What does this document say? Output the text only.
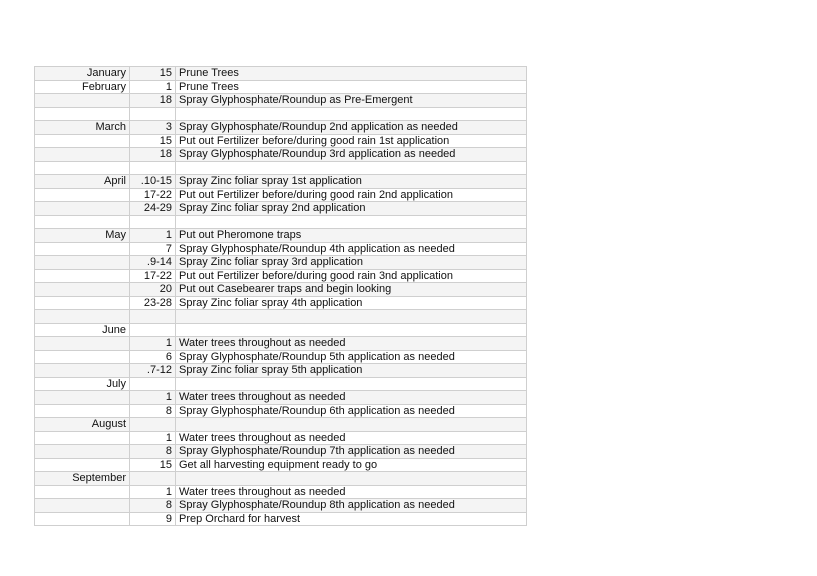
January	15	Prune Trees
February	1	Prune Trees
	18	Spray Glyphosphate/Roundup as Pre-Emergent

March	3	Spray Glyphosphate/Roundup 2nd application as needed
	15	Put out Fertilizer before/during good rain 1st application
	18	Spray Glyphosphate/Roundup 3rd application as needed

April	.10-15	Spray Zinc foliar spray 1st application
	17-22	Put out Fertilizer before/during good rain 2nd application
	24-29	Spray Zinc foliar spray 2nd application

May	1	Put out Pheromone traps
	7	Spray Glyphosphate/Roundup 4th application as needed
	.9-14	Spray Zinc foliar spray 3rd application
	17-22	Put out Fertilizer before/during good rain 3nd application
	20	Put out Casebearer traps and begin looking
	23-28	Spray Zinc foliar spray 4th application

June		
	1	Water trees throughout as needed
	6	Spray Glyphosphate/Roundup 5th application as needed
	.7-12	Spray Zinc foliar spray 5th application
July		
	1	Water trees throughout as needed
	8	Spray Glyphosphate/Roundup 6th application as needed
August		
	1	Water trees throughout as needed
	8	Spray Glyphosphate/Roundup 7th application as needed
	15	Get all harvesting equipment ready to go
September		
	1	Water trees throughout as needed
	8	Spray Glyphosphate/Roundup 8th application as needed
	9	Prep Orchard for harvest
